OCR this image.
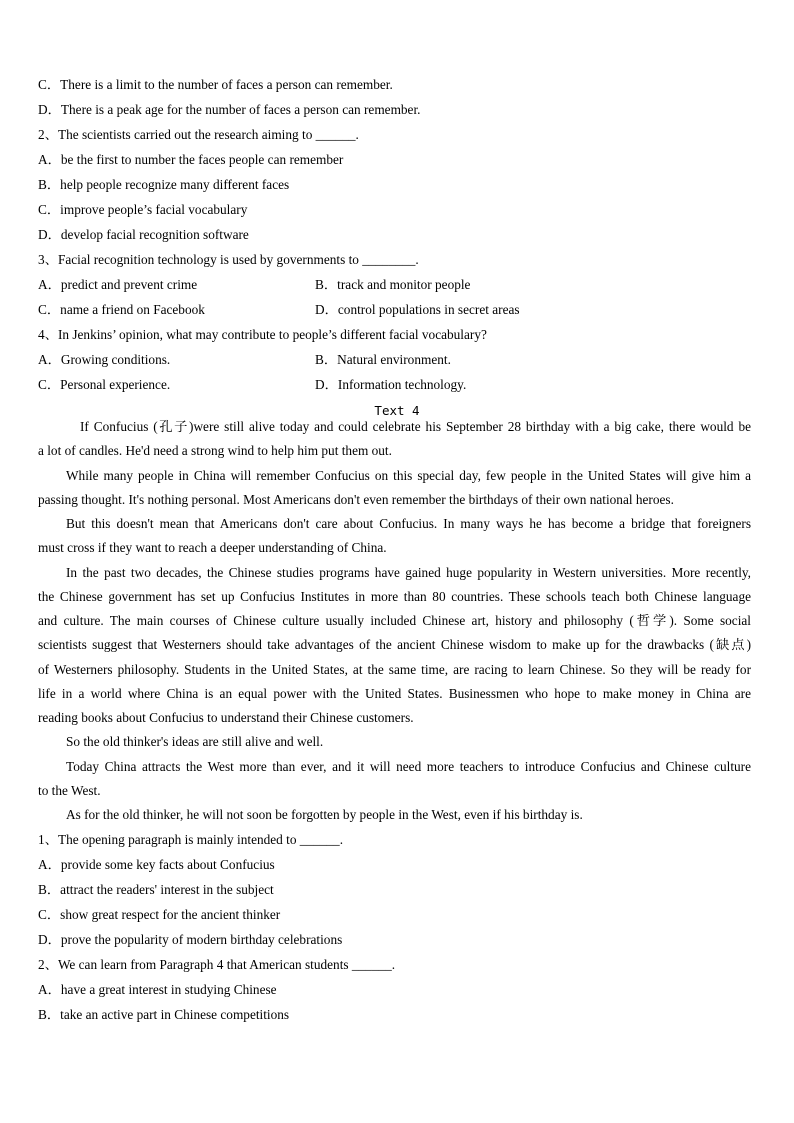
C．There is a limit to the number of faces a person can remember.
D．There is a peak age for the number of faces a person can remember.
2、The scientists carried out the research aiming to ______.
A．be the first to number the faces people can remember
B．help people recognize many different faces
C．improve people’s facial vocabulary
D．develop facial recognition software
3、Facial recognition technology is used by governments to ________.
A．predict and prevent crime	B．track and monitor people
C．name a friend on Facebook	D．control populations in secret areas
4、In Jenkins’ opinion, what may contribute to people’s different facial vocabulary?
A．Growing conditions.	B．Natural environment.
C．Personal experience.	D．Information technology.
Text 4
If Confucius (孔子)were still alive today and could celebrate his September 28 birthday with a big cake, there would be
a lot of candles. He'd need a strong wind to help him put them out.
While many people in China will remember Confucius on this special day, few people in the United States will give him a
passing thought. It's nothing personal. Most Americans don't even remember the birthdays of their own national heroes.
But this doesn't mean that Americans don't care about Confucius. In many ways he has become a bridge that foreigners
must cross if they want to reach a deeper understanding of China.
In the past two decades, the Chinese studies programs have gained huge popularity in Western universities. More recently,
the Chinese government has set up Confucius Institutes in more than 80 countries. These schools teach both Chinese language
and culture. The main courses of Chinese culture usually included Chinese art, history and philosophy (哲学). Some social
scientists suggest that Westerners should take advantages of the ancient Chinese wisdom to make up for the drawbacks (缺点)
of Westerners philosophy. Students in the United States, at the same time, are racing to learn Chinese. So they will be ready for
life in a world where China is an equal power with the United States. Businessmen who hope to make money in China are
reading books about Confucius to understand their Chinese customers.
So the old thinker's ideas are still alive and well.
Today China attracts the West more than ever, and it will need more teachers to introduce Confucius and Chinese culture
to the West.
As for the old thinker, he will not soon be forgotten by people in the West, even if his birthday is.
1、The opening paragraph is mainly intended to ______.
A．provide some key facts about Confucius
B．attract the readers' interest in the subject
C．show great respect for the ancient thinker
D．prove the popularity of modern birthday celebrations
2、We can learn from Paragraph 4 that American students ______.
A．have a great interest in studying Chinese
B．take an active part in Chinese competitions
